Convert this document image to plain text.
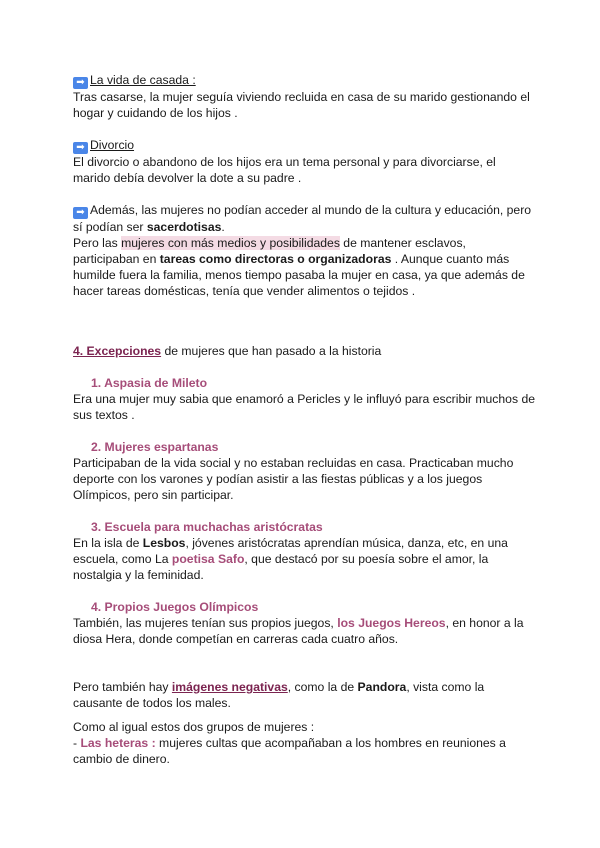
➡ La vida de casada :

Tras casarse, la mujer seguía viviendo recluida en casa de su marido gestionando el hogar y cuidando de los hijos .

➡ Divorcio

El divorcio o abandono de los hijos era un tema personal y para divorciarse, el marido debía devolver la dote a su padre .

➡ Además, las mujeres no podían acceder al mundo de la cultura y educación, pero sí podían ser sacerdotisas.

Pero las mujeres con más medios y posibilidades de mantener esclavos, participaban en tareas como directoras o organizadoras . Aunque cuanto más humilde fuera la familia, menos tiempo pasaba la mujer en casa, ya que además de hacer tareas domésticas, tenía que vender alimentos o tejidos .

4. Excepciones de mujeres que han pasado a la historia

1. Aspasia de Mileto

Era una mujer muy sabia que enamoró a Pericles y le influyó para escribir muchos de sus textos .

2. Mujeres espartanas

Participaban de la vida social y no estaban recluidas en casa. Practicaban mucho deporte con los varones y podían asistir a las fiestas públicas y a los juegos Olímpicos, pero sin participar.

3. Escuela para muchachas aristócratas

En la isla de Lesbos, jóvenes aristócratas aprendían música, danza, etc, en una escuela, como La poetisa Safo, que destacó por su poesía sobre el amor, la nostalgia y la feminidad.

4. Propios Juegos Olímpicos

También, las mujeres tenían sus propios juegos, los Juegos Hereos, en honor a la diosa Hera, donde competían en carreras cada cuatro años.

Pero también hay imágenes negativas, como la de Pandora, vista como la causante de todos los males.

Como al igual estos dos grupos de mujeres :

- Las heteras : mujeres cultas que acompañaban a los hombres en reuniones a cambio de dinero.
